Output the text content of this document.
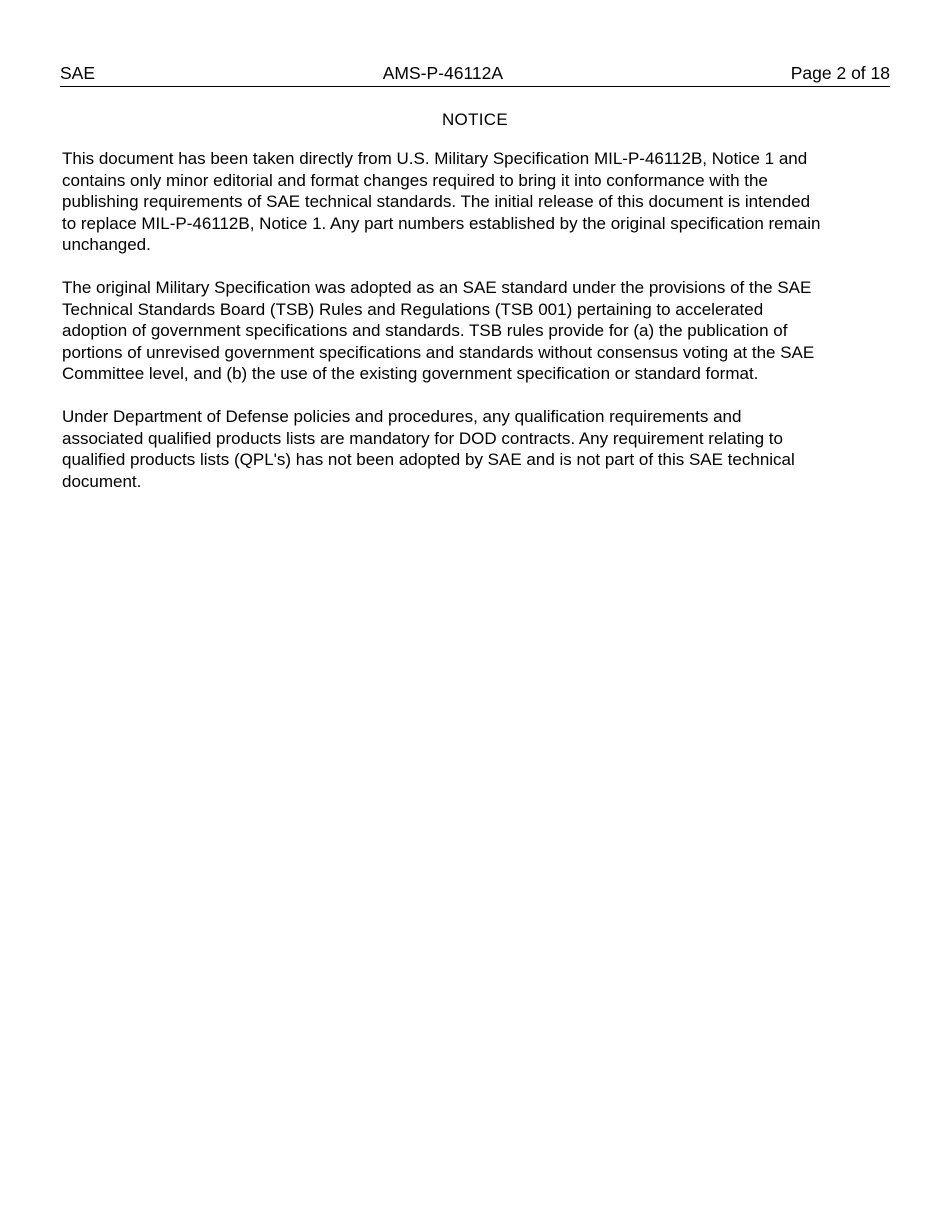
SAE	AMS-P-46112A	Page 2 of 18
NOTICE

This document has been taken directly from U.S. Military Specification MIL-P-46112B, Notice 1 and contains only minor editorial and format changes required to bring it into conformance with the publishing requirements of SAE technical standards. The initial release of this document is intended to replace MIL-P-46112B, Notice 1. Any part numbers established by the original specification remain unchanged.

The original Military Specification was adopted as an SAE standard under the provisions of the SAE Technical Standards Board (TSB) Rules and Regulations (TSB 001) pertaining to accelerated adoption of government specifications and standards. TSB rules provide for (a) the publication of portions of unrevised government specifications and standards without consensus voting at the SAE Committee level, and (b) the use of the existing government specification or standard format.

Under Department of Defense policies and procedures, any qualification requirements and associated qualified products lists are mandatory for DOD contracts. Any requirement relating to qualified products lists (QPL's) has not been adopted by SAE and is not part of this SAE technical document.
